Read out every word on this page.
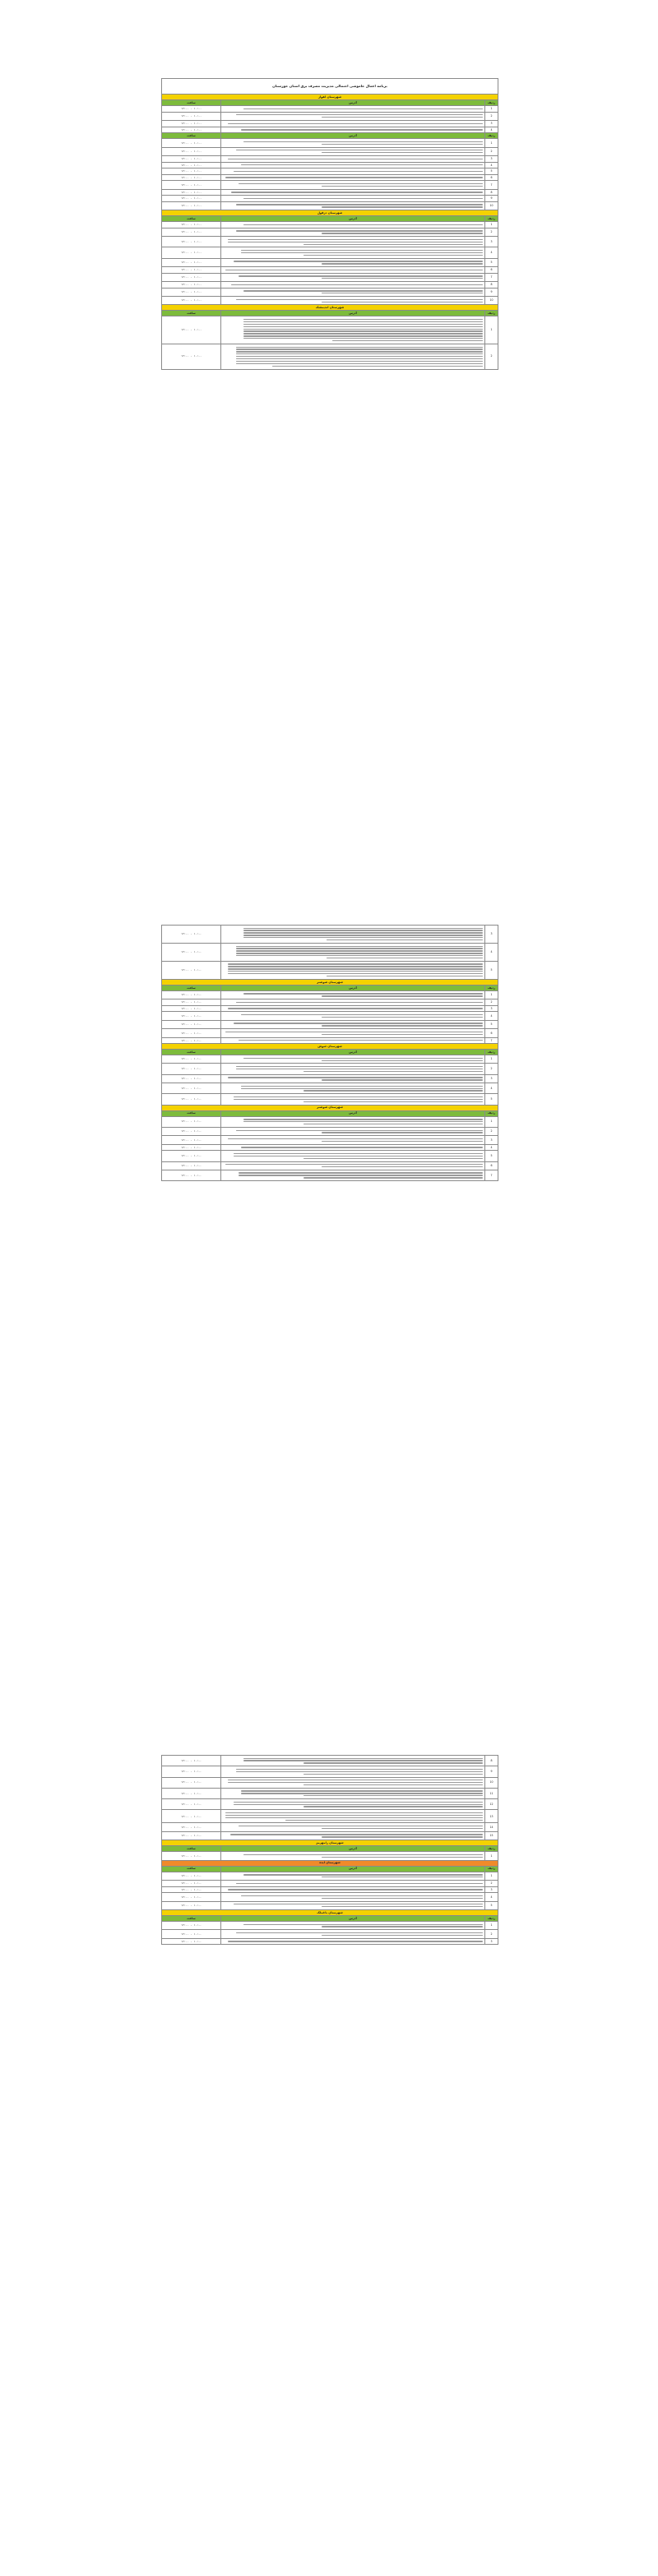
برنامه اعمال خاموشی احتمالی مدیریت مصرف برق استان خوزستان		
شهرستان اهواز		
ردیف	آدرس	ساعت
1		۱۰:۰۰ - ۱۲:۰۰
2		۱۰:۰۰ - ۱۲:۰۰
3		۱۰:۰۰ - ۱۲:۰۰
4		۱۰:۰۰ - ۱۲:۰۰
ردیف	آدرس	ساعت
1		۱۰:۰۰ - ۱۲:۰۰
2		۱۰:۰۰ - ۱۲:۰۰
3		۱۰:۰۰ - ۱۲:۰۰
4		۱۰:۰۰ - ۱۲:۰۰
5		۱۰:۰۰ - ۱۲:۰۰
6		۱۰:۰۰ - ۱۲:۰۰
7		۱۰:۰۰ - ۱۲:۰۰
8		۱۰:۰۰ - ۱۲:۰۰
9		۱۰:۰۰ - ۱۲:۰۰
10		۱۰:۰۰ - ۱۲:۰۰
شهرستان دزفول		
ردیف	آدرس	ساعت
1		۱۰:۰۰ - ۱۲:۰۰
2		۱۰:۰۰ - ۱۲:۰۰
3		۱۰:۰۰ - ۱۲:۰۰
4		۱۰:۰۰ - ۱۲:۰۰
5		۱۰:۰۰ - ۱۲:۰۰
6		۱۰:۰۰ - ۱۲:۰۰
7		۱۰:۰۰ - ۱۲:۰۰
8		۱۰:۰۰ - ۱۲:۰۰
9		۱۰:۰۰ - ۱۲:۰۰
10		۱۰:۰۰ - ۱۲:۰۰
شهرستان اندیمشک		
ردیف	آدرس	ساعت
1		۱۰:۰۰ - ۱۲:۰۰
2		۱۰:۰۰ - ۱۲:۰۰
3		۱۰:۰۰ - ۱۲:۰۰
4		۱۰:۰۰ - ۱۲:۰۰
5		۱۰:۰۰ - ۱۲:۰۰
شهرستان شوشتر		
ردیف	آدرس	ساعت
1		۱۰:۰۰ - ۱۲:۰۰
2		۱۰:۰۰ - ۱۲:۰۰
3		۱۰:۰۰ - ۱۲:۰۰
4		۱۰:۰۰ - ۱۲:۰۰
5		۱۰:۰۰ - ۱۲:۰۰
6		۱۰:۰۰ - ۱۲:۰۰
7		۱۰:۰۰ - ۱۲:۰۰
شهرستان شوش		
ردیف	آدرس	ساعت
1		۱۰:۰۰ - ۱۲:۰۰
2		۱۰:۰۰ - ۱۲:۰۰
3		۱۰:۰۰ - ۱۲:۰۰
4		۱۰:۰۰ - ۱۲:۰۰
5		۱۰:۰۰ - ۱۲:۰۰
شهرستان شوشتر		
ردیف	آدرس	ساعت
1		۱۰:۰۰ - ۱۲:۰۰
2		۱۰:۰۰ - ۱۲:۰۰
3		۱۰:۰۰ - ۱۲:۰۰
4		۱۰:۰۰ - ۱۲:۰۰
5		۱۰:۰۰ - ۱۲:۰۰
6		۱۰:۰۰ - ۱۲:۰۰
7		۱۰:۰۰ - ۱۲:۰۰
8		۱۰:۰۰ - ۱۲:۰۰
9		۱۰:۰۰ - ۱۲:۰۰
10		۱۰:۰۰ - ۱۲:۰۰
11		۱۰:۰۰ - ۱۲:۰۰
12		۱۰:۰۰ - ۱۲:۰۰
13		۱۰:۰۰ - ۱۲:۰۰
14		۱۰:۰۰ - ۱۲:۰۰
15		۱۰:۰۰ - ۱۲:۰۰
شهرستان رامهرمز		
ردیف	آدرس	ساعت
1		۱۰:۰۰ - ۱۲:۰۰
شهرستان ایذه		
ردیف	آدرس	ساعت
1		۱۰:۰۰ - ۱۲:۰۰
2		۱۰:۰۰ - ۱۲:۰۰
3		۱۰:۰۰ - ۱۲:۰۰
4		۱۰:۰۰ - ۱۲:۰۰
5		۱۰:۰۰ - ۱۲:۰۰
شهرستان باغملک		
ردیف	آدرس	ساعت
1		۱۰:۰۰ - ۱۲:۰۰
2		۱۰:۰۰ - ۱۲:۰۰
3		۱۰:۰۰ - ۱۲:۰۰
